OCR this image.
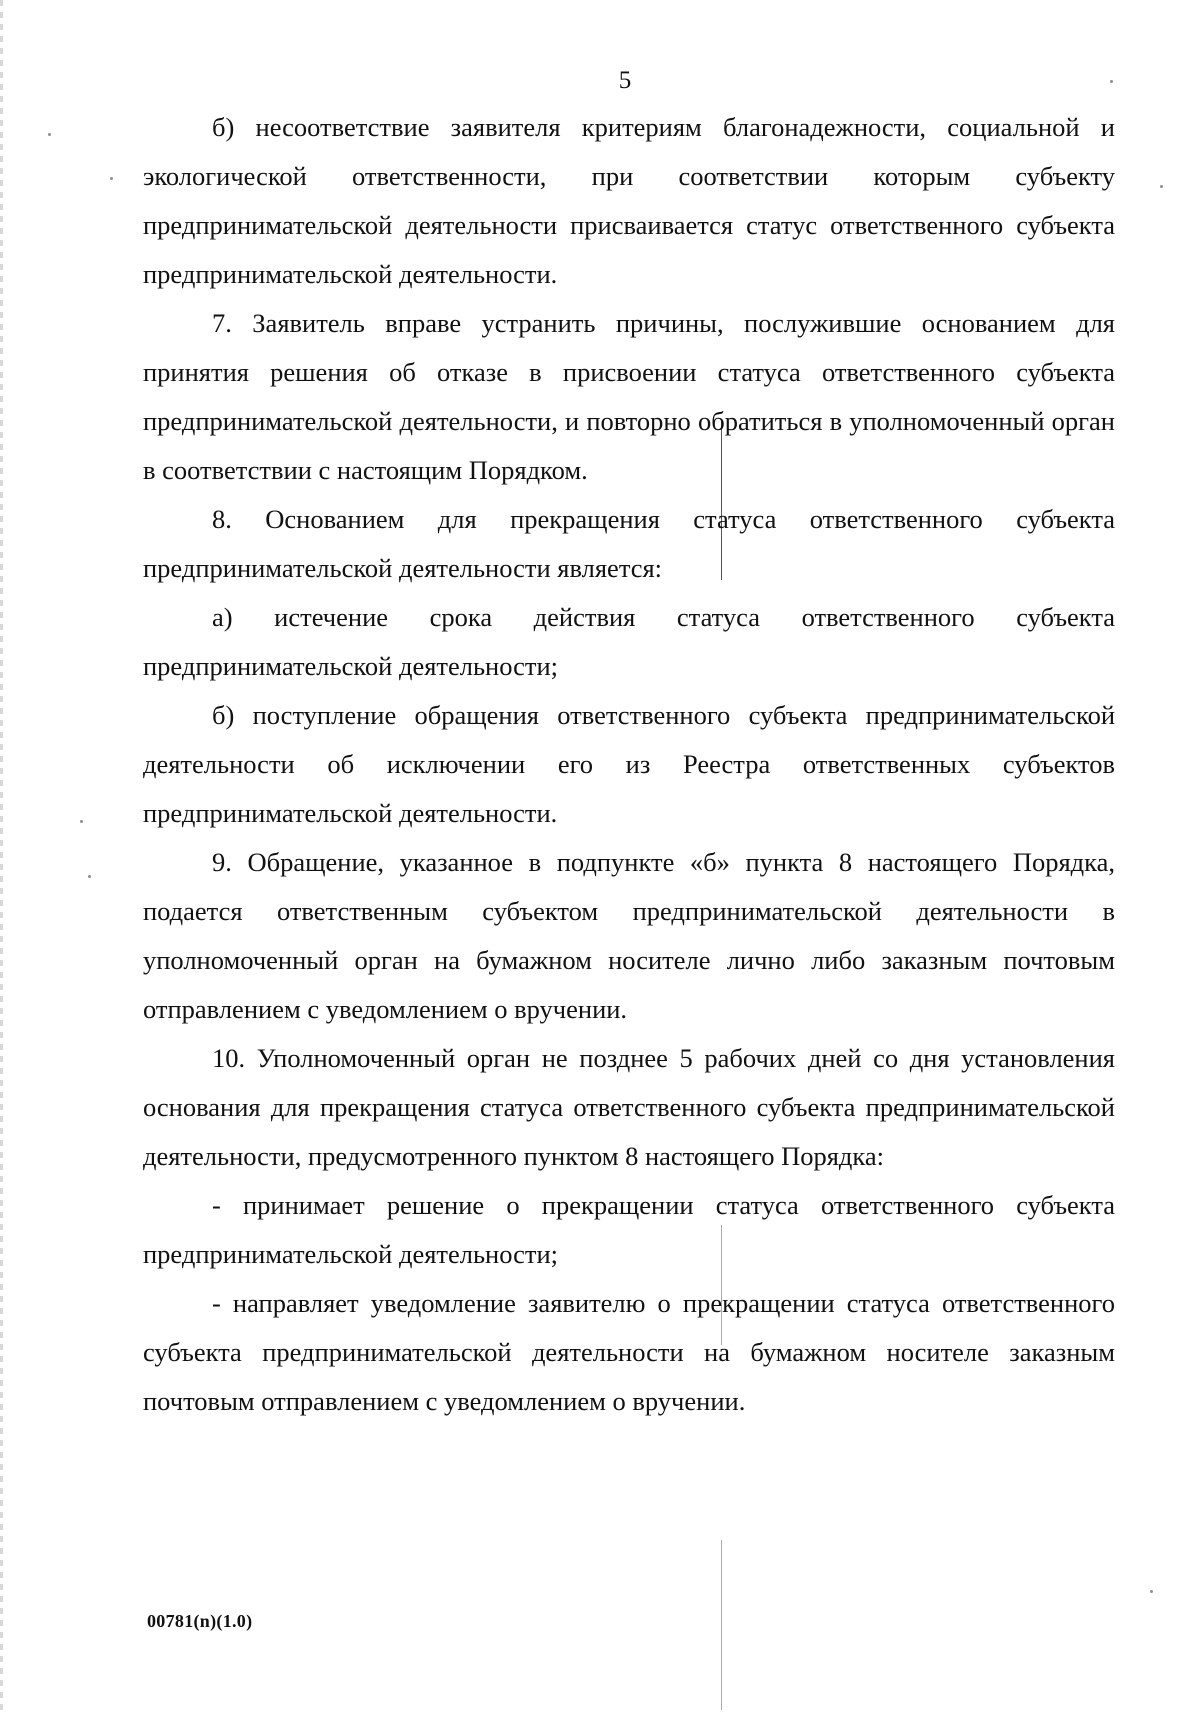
5

б) несоответствие заявителя критериям благонадежности, социальной и экологической ответственности, при соответствии которым субъекту предпринимательской деятельности присваивается статус ответственного субъекта предпринимательской деятельности.

7. Заявитель вправе устранить причины, послужившие основанием для принятия решения об отказе в присвоении статуса ответственного субъекта предпринимательской деятельности, и повторно обратиться в уполномоченный орган в соответствии с настоящим Порядком.

8. Основанием для прекращения статуса ответственного субъекта предпринимательской деятельности является:

а) истечение срока действия статуса ответственного субъекта предпринимательской деятельности;

б) поступление обращения ответственного субъекта предпринимательской деятельности об исключении его из Реестра ответственных субъектов предпринимательской деятельности.

9. Обращение, указанное в подпункте «б» пункта 8 настоящего Порядка, подается ответственным субъектом предпринимательской деятельности в уполномоченный орган на бумажном носителе лично либо заказным почтовым отправлением с уведомлением о вручении.

10. Уполномоченный орган не позднее 5 рабочих дней со дня установления основания для прекращения статуса ответственного субъекта предпринимательской деятельности, предусмотренного пунктом 8 настоящего Порядка:

- принимает решение о прекращении статуса ответственного субъекта предпринимательской деятельности;

- направляет уведомление заявителю о прекращении статуса ответственного субъекта предпринимательской деятельности на бумажном носителе заказным почтовым отправлением с уведомлением о вручении.

00781(n)(1.0)
